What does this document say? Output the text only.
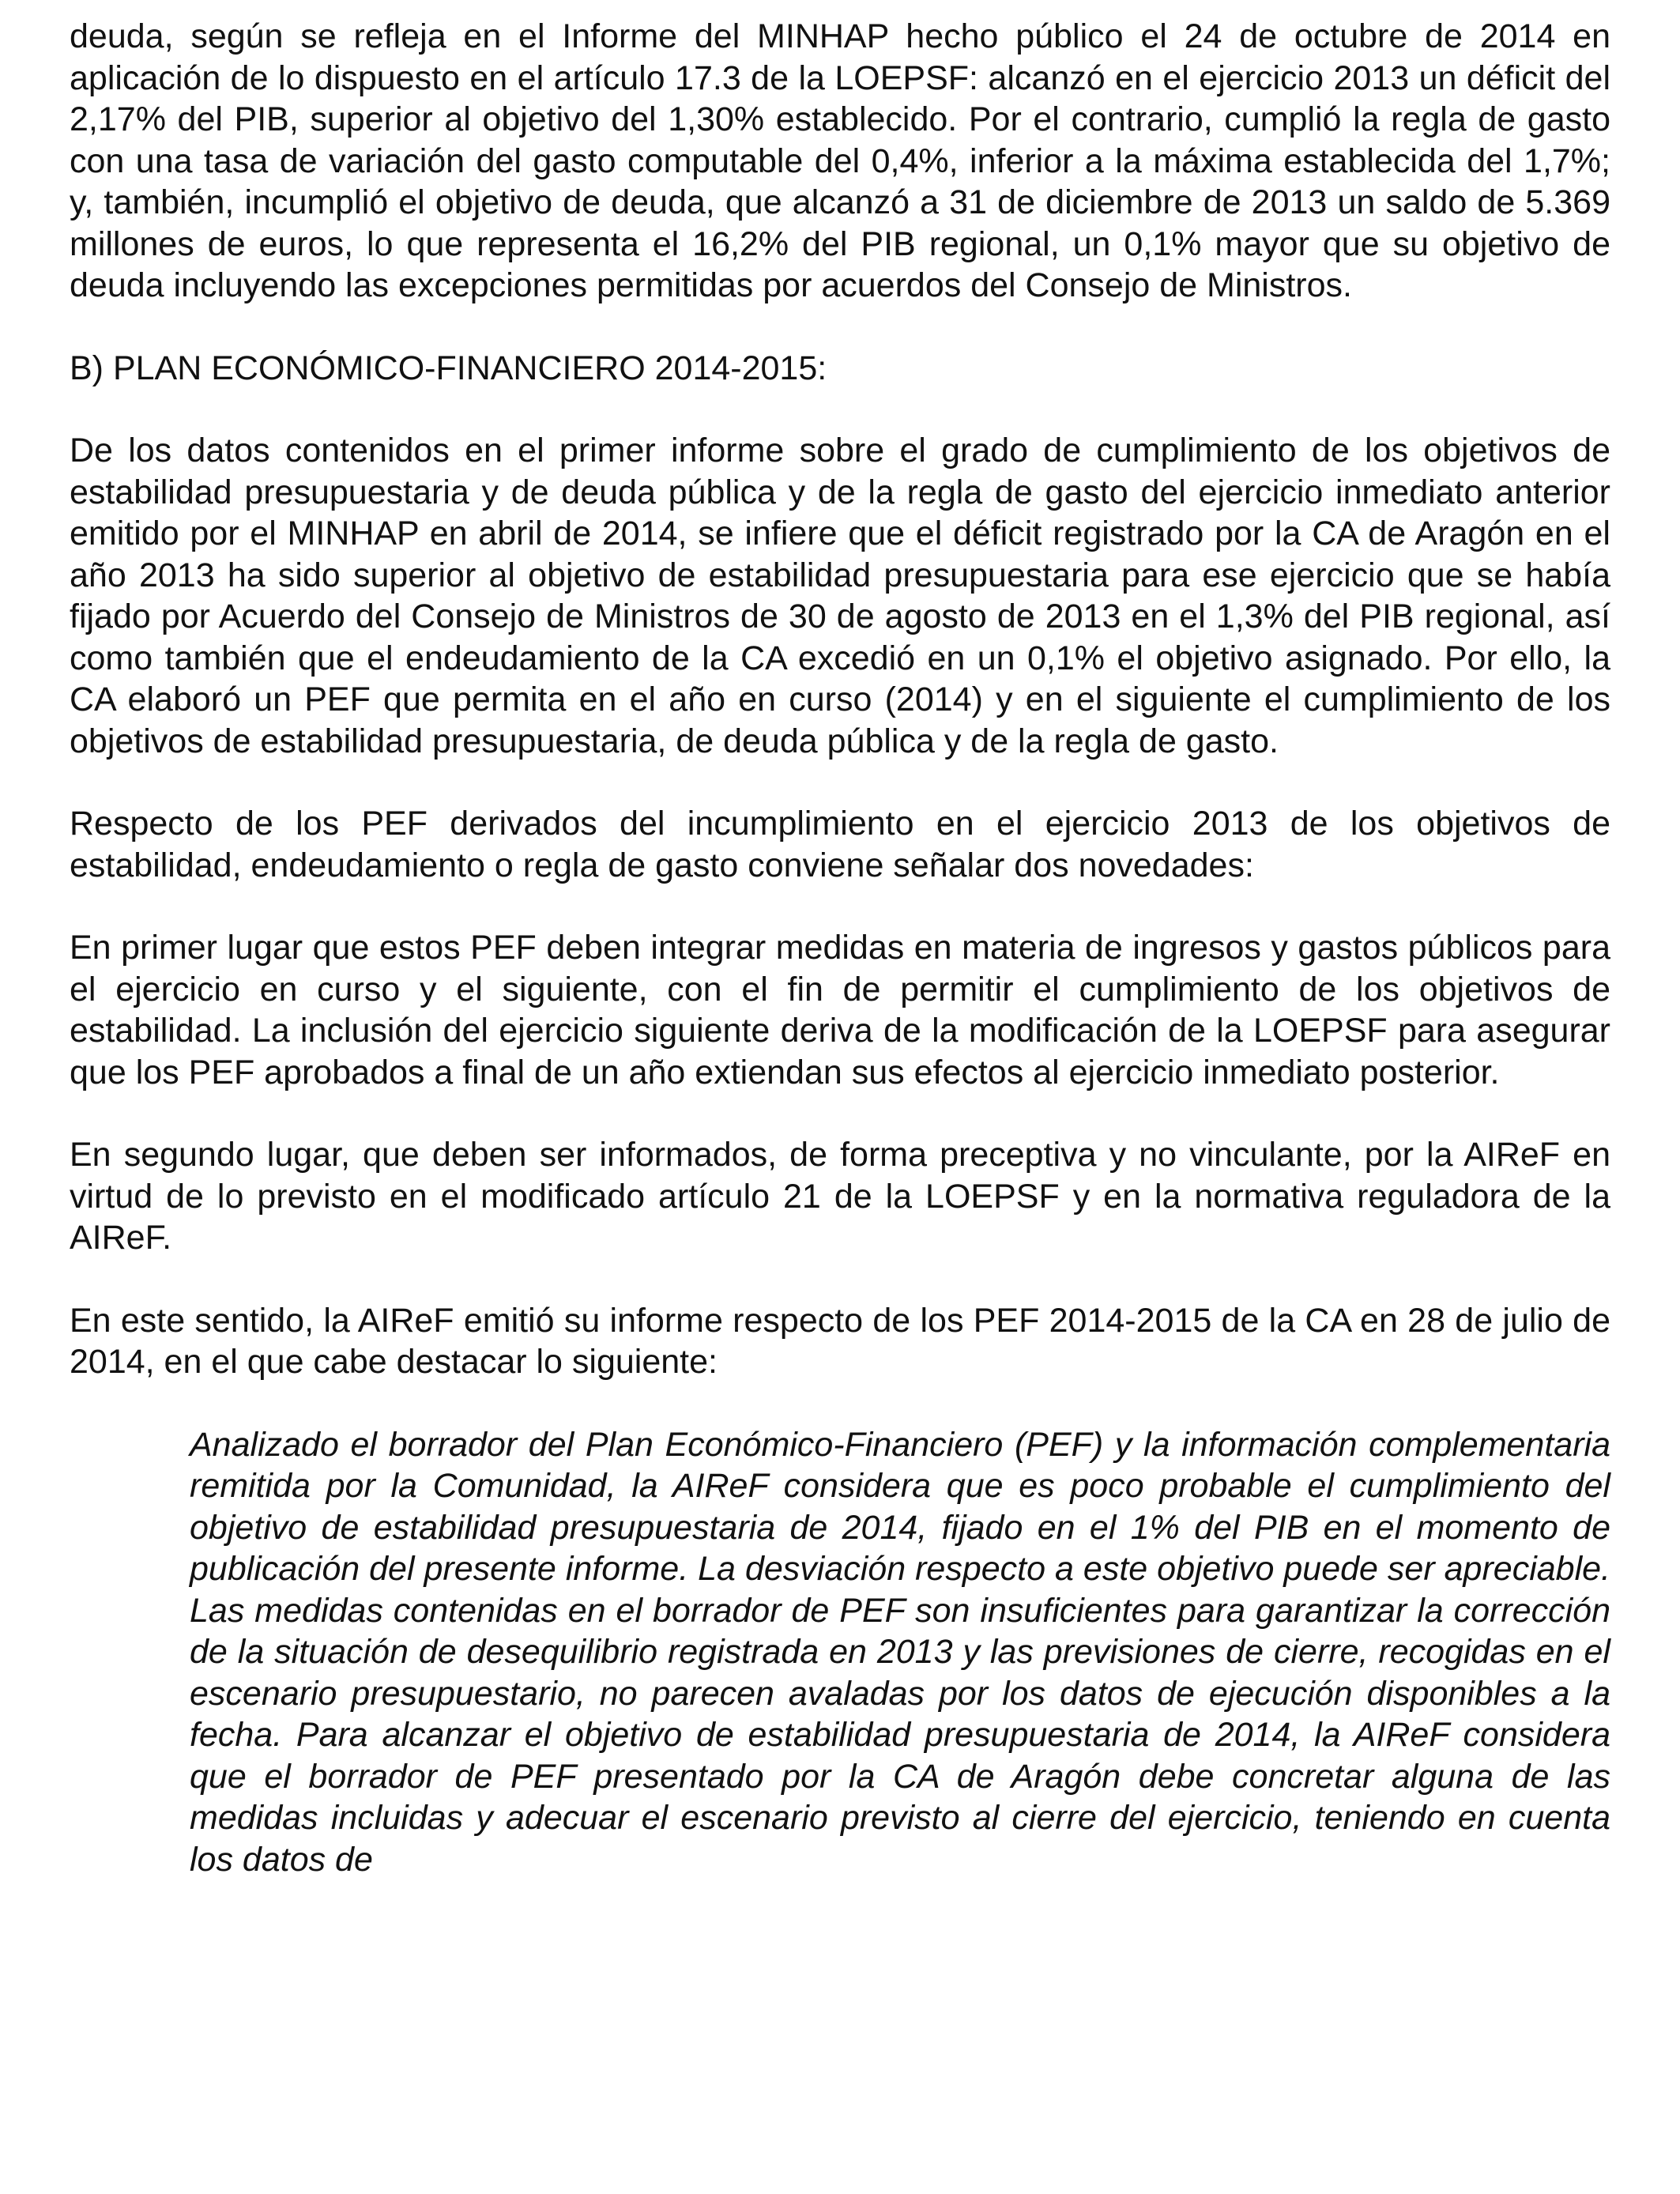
deuda, según se refleja en el Informe del MINHAP hecho público el 24 de octubre de 2014 en aplicación de lo dispuesto en el artículo 17.3 de la LOEPSF: alcanzó en el ejercicio 2013 un déficit del 2,17% del PIB, superior al objetivo del 1,30% establecido. Por el contrario, cumplió la regla de gasto con una tasa de variación del gasto computable del 0,4%, inferior a la máxima establecida del 1,7%; y, también, incumplió el objetivo de deuda, que alcanzó a 31 de diciembre de 2013 un saldo de 5.369 millones de euros, lo que representa el 16,2% del PIB regional, un 0,1% mayor que su objetivo de deuda incluyendo las excepciones permitidas por acuerdos del Consejo de Ministros.

B) PLAN ECONÓMICO-FINANCIERO 2014-2015:

De los datos contenidos en el primer informe sobre el grado de cumplimiento de los objetivos de estabilidad presupuestaria y de deuda pública y de la regla de gasto del ejercicio inmediato anterior emitido por el MINHAP en abril de 2014, se infiere que el déficit registrado por la CA de Aragón en el año 2013 ha sido superior al objetivo de estabilidad presupuestaria para ese ejercicio que se había fijado por Acuerdo del Consejo de Ministros de 30 de agosto de 2013 en el 1,3% del PIB regional, así como también que el endeudamiento de la CA excedió en un 0,1% el objetivo asignado. Por ello, la CA elaboró un PEF que permita en el año en curso (2014) y en el siguiente el cumplimiento de los objetivos de estabilidad presupuestaria, de deuda pública y de la regla de gasto.

Respecto de los PEF derivados del incumplimiento en el ejercicio 2013 de los objetivos de estabilidad, endeudamiento o regla de gasto conviene señalar dos novedades:

En primer lugar que estos PEF deben integrar medidas en materia de ingresos y gastos públicos para el ejercicio en curso y el siguiente, con el fin de permitir el cumplimiento de los objetivos de estabilidad. La inclusión del ejercicio siguiente deriva de la modificación de la LOEPSF para asegurar que los PEF aprobados a final de un año extiendan sus efectos al ejercicio inmediato posterior.

En segundo lugar, que deben ser informados, de forma preceptiva y no vinculante, por la AIReF en virtud de lo previsto en el modificado artículo 21 de la LOEPSF y en la normativa reguladora de la AIReF.

En este sentido, la AIReF emitió su informe respecto de los PEF 2014-2015 de la CA en 28 de julio de 2014, en el que cabe destacar lo siguiente:

Analizado el borrador del Plan Económico-Financiero (PEF) y la información complementaria remitida por la Comunidad, la AIReF considera que es poco probable el cumplimiento del objetivo de estabilidad presupuestaria de 2014, fijado en el 1% del PIB en el momento de publicación del presente informe. La desviación respecto a este objetivo puede ser apreciable. Las medidas contenidas en el borrador de PEF son insuficientes para garantizar la corrección de la situación de desequilibrio registrada en 2013 y las previsiones de cierre, recogidas en el escenario presupuestario, no parecen avaladas por los datos de ejecución disponibles a la fecha. Para alcanzar el objetivo de estabilidad presupuestaria de 2014, la AIReF considera que el borrador de PEF presentado por la CA de Aragón debe concretar alguna de las medidas incluidas y adecuar el escenario previsto al cierre del ejercicio, teniendo en cuenta los datos de
